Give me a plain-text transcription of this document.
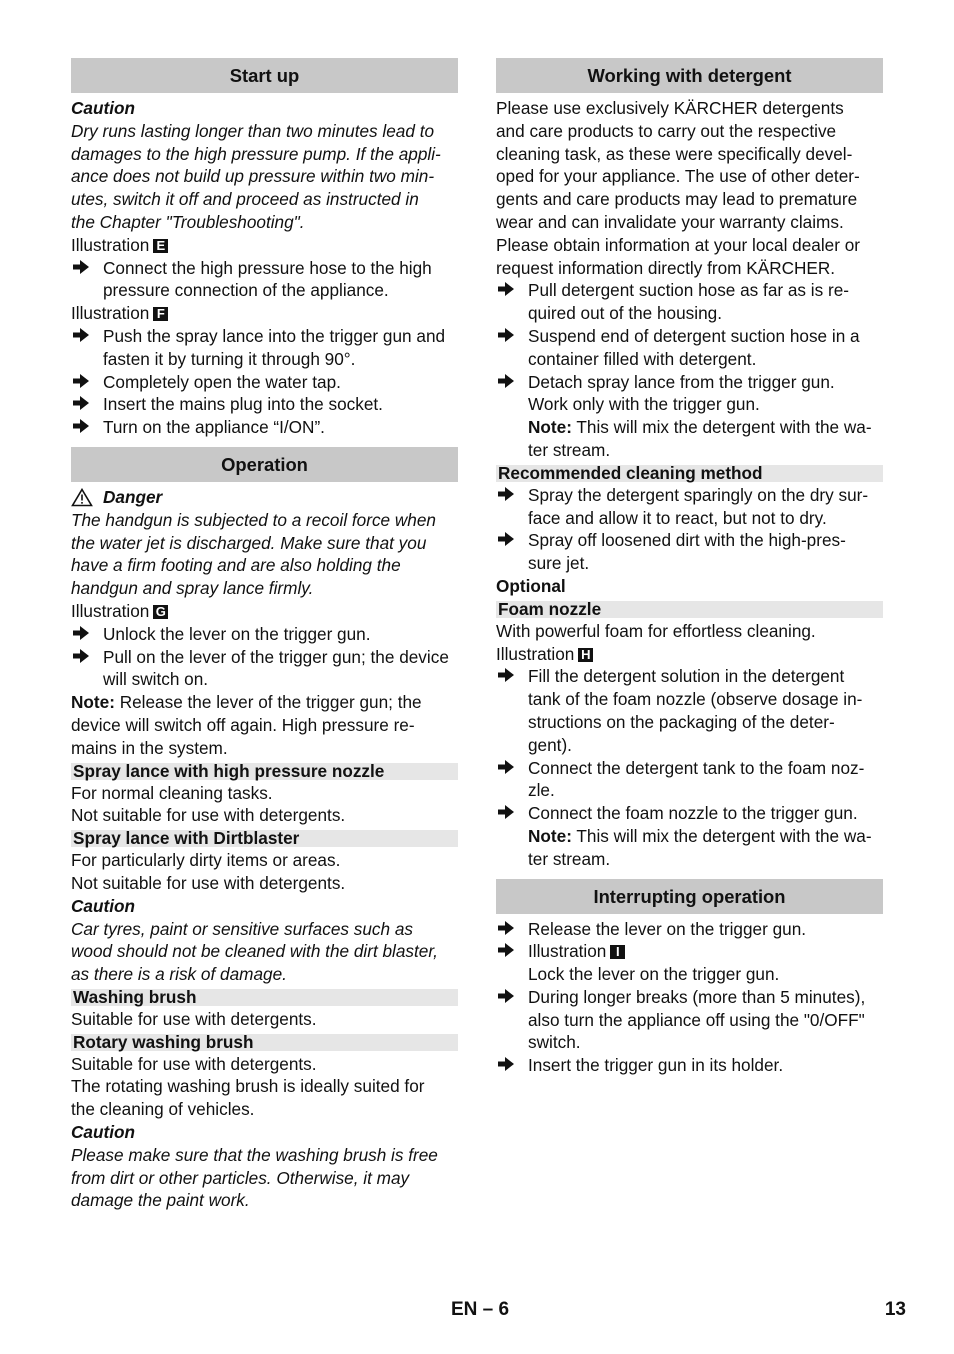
Start up
Caution
Dry runs lasting longer than two minutes lead to
damages to the high pressure pump. If the appli-
ance does not build up pressure within two min-
utes, switch it off and proceed as instructed in
the Chapter "Troubleshooting".
Illustration E
Connect the high pressure hose to the high
pressure connection of the appliance.
Illustration F
Push the spray lance into the trigger gun and
fasten it by turning it through 90°.
Completely open the water tap.
Insert the mains plug into the socket.
Turn on the appliance “I/ON”.
Operation
Danger
The handgun is subjected to a recoil force when
the water jet is discharged. Make sure that you
have a firm footing and are also holding the
handgun and spray lance firmly.
Illustration G
Unlock the lever on the trigger gun.
Pull on the lever of the trigger gun; the device
will switch on.
Note: Release the lever of the trigger gun; the
device will switch off again. High pressure re-
mains in the system.
Spray lance with high pressure nozzle
For normal cleaning tasks.
Not suitable for use with detergents.
Spray lance with Dirtblaster
For particularly dirty items or areas.
Not suitable for use with detergents.
Caution
Car tyres, paint or sensitive surfaces such as
wood should not be cleaned with the dirt blaster,
as there is a risk of damage.
Washing brush
Suitable for use with detergents.
Rotary washing brush
Suitable for use with detergents.
The rotating washing brush is ideally suited for
the cleaning of vehicles.
Caution
Please make sure that the washing brush is free
from dirt or other particles. Otherwise, it may
damage the paint work.
Working with detergent
Please use exclusively KÄRCHER detergents
and care products to carry out the respective
cleaning task, as these were specifically devel-
oped for your appliance. The use of other deter-
gents and care products may lead to premature
wear and can invalidate your warranty claims.
Please obtain information at your local dealer or
request information directly from KÄRCHER.
Pull detergent suction hose as far as is re-
quired out of the housing.
Suspend end of detergent suction hose in a
container filled with detergent.
Detach spray lance from the trigger gun.
Work only with the trigger gun.
Note: This will mix the detergent with the wa-
ter stream.
Recommended cleaning method
Spray the detergent sparingly on the dry sur-
face and allow it to react, but not to dry.
Spray off loosened dirt with the high-pres-
sure jet.
Optional
Foam nozzle
With powerful foam for effortless cleaning.
Illustration H
Fill the detergent solution in the detergent
tank of the foam nozzle (observe dosage in-
structions on the packaging of the deter-
gent).
Connect the detergent tank to the foam noz-
zle.
Connect the foam nozzle to the trigger gun.
Note: This will mix the detergent with the wa-
ter stream.
Interrupting operation
Release the lever on the trigger gun.
Illustration I
Lock the lever on the trigger gun.
During longer breaks (more than 5 minutes),
also turn the appliance off using the "0/OFF"
switch.
Insert the trigger gun in its holder.
EN – 6	13
